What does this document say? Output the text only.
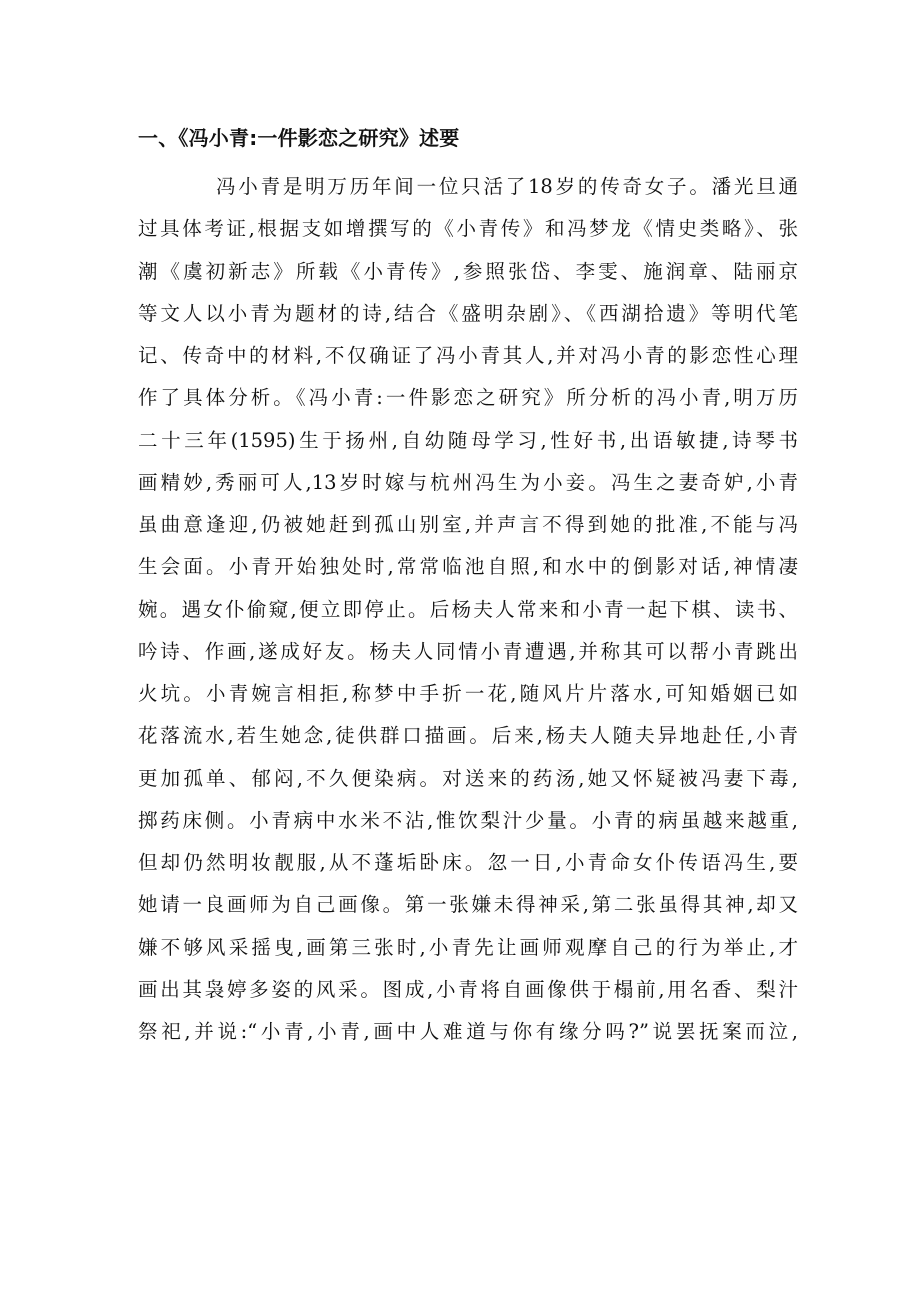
一、《冯小青:一件影恋之研究》述要
冯小青是明万历年间一位只活了18岁的传奇女子。潘光旦通
过具体考证,根据支如增撰写的《小青传》和冯梦龙《情史类略》、张
潮《虞初新志》所载《小青传》,参照张岱、李雯、施润章、陆丽京
等文人以小青为题材的诗,结合《盛明杂剧》、《西湖拾遗》等明代笔
记、传奇中的材料,不仅确证了冯小青其人,并对冯小青的影恋性心理
作了具体分析。《冯小青:一件影恋之研究》所分析的冯小青,明万历
二十三年(1595)生于扬州,自幼随母学习,性好书,出语敏捷,诗琴书
画精妙,秀丽可人,13岁时嫁与杭州冯生为小妾。冯生之妻奇妒,小青
虽曲意逢迎,仍被她赶到孤山别室,并声言不得到她的批准,不能与冯
生会面。小青开始独处时,常常临池自照,和水中的倒影对话,神情凄
婉。遇女仆偷窥,便立即停止。后杨夫人常来和小青一起下棋、读书、
吟诗、作画,遂成好友。杨夫人同情小青遭遇,并称其可以帮小青跳出
火坑。小青婉言相拒,称梦中手折一花,随风片片落水,可知婚姻已如
花落流水,若生她念,徒供群口描画。后来,杨夫人随夫异地赴任,小青
更加孤单、郁闷,不久便染病。对送来的药汤,她又怀疑被冯妻下毒,
掷药床侧。小青病中水米不沾,惟饮梨汁少量。小青的病虽越来越重,
但却仍然明妆靓服,从不蓬垢卧床。忽一日,小青命女仆传语冯生,要
她请一良画师为自己画像。第一张嫌未得神采,第二张虽得其神,却又
嫌不够风采摇曳,画第三张时,小青先让画师观摩自己的行为举止,才
画出其袅婷多姿的风采。图成,小青将自画像供于榻前,用名香、梨汁
祭祀,并说:“小青,小青,画中人难道与你有缘分吗?”说罢抚案而泣,
